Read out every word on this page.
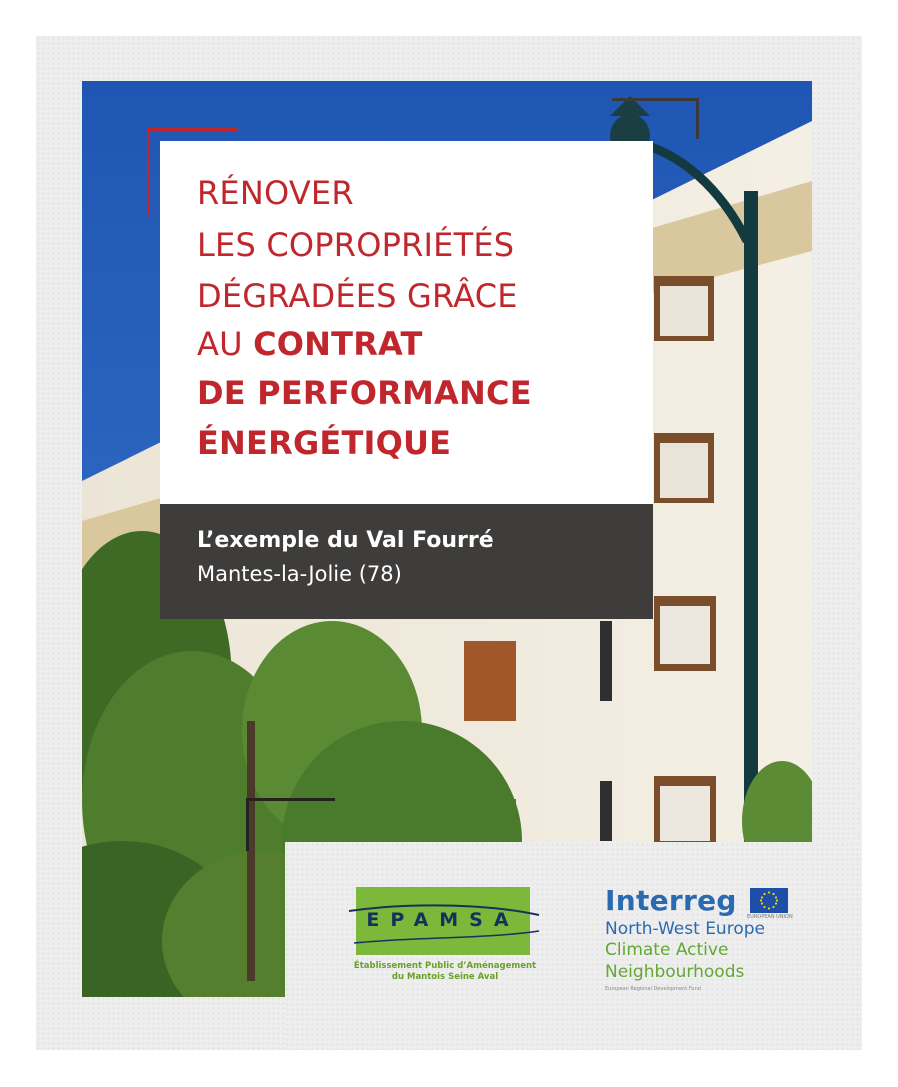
RÉNOVER
LES COPROPRIÉTÉS
DÉGRADÉES GRÂCE
AU CONTRAT
DE PERFORMANCE
ÉNERGÉTIQUE
L’exemple du Val Fourré
Mantes-la-Jolie (78)
EPAMSA
Établissement Public d’Aménagement
du Mantois Seine Aval
Interreg EUROPEAN UNION
North-West Europe
Climate Active
Neighbourhoods
European Regional Development Fund
